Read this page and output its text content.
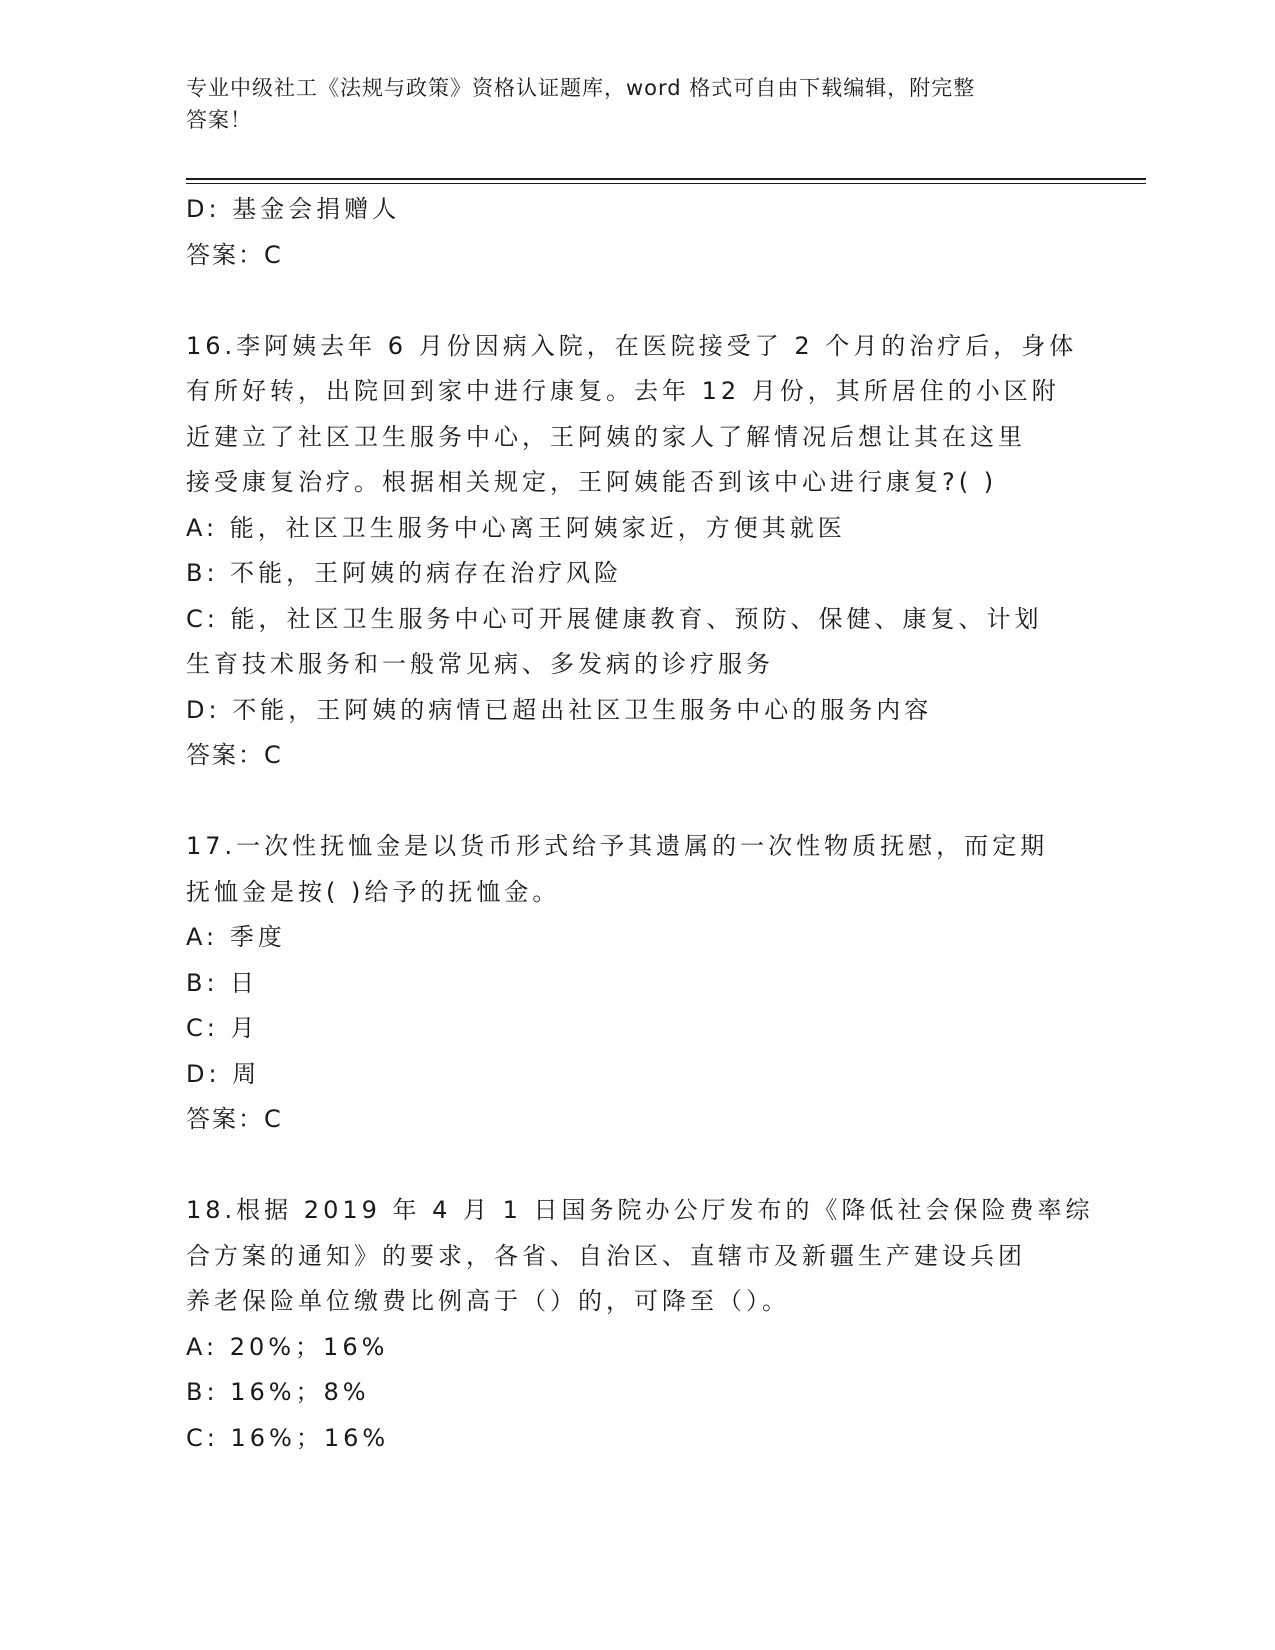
专业中级社工《法规与政策》资格认证题库，word 格式可自由下载编辑，附完整
答案！
D: 基金会捐赠人
答案：C
16.李阿姨去年 6 月份因病入院，在医院接受了 2 个月的治疗后，身体
有所好转，出院回到家中进行康复。去年 12 月份，其所居住的小区附
近建立了社区卫生服务中心，王阿姨的家人了解情况后想让其在这里
接受康复治疗。根据相关规定，王阿姨能否到该中心进行康复?( )
A: 能，社区卫生服务中心离王阿姨家近，方便其就医
B: 不能，王阿姨的病存在治疗风险
C: 能，社区卫生服务中心可开展健康教育、预防、保健、康复、计划
生育技术服务和一般常见病、多发病的诊疗服务
D: 不能，王阿姨的病情已超出社区卫生服务中心的服务内容
答案：C
17.一次性抚恤金是以货币形式给予其遗属的一次性物质抚慰，而定期
抚恤金是按( )给予的抚恤金。
A: 季度
B: 日
C: 月
D: 周
答案：C
18.根据 2019 年 4 月 1 日国务院办公厅发布的《降低社会保险费率综
合方案的通知》的要求，各省、自治区、直辖市及新疆生产建设兵团
养老保险单位缴费比例高于（）的，可降至（）。
A: 20%；16%
B: 16%；8%
C: 16%；16%
